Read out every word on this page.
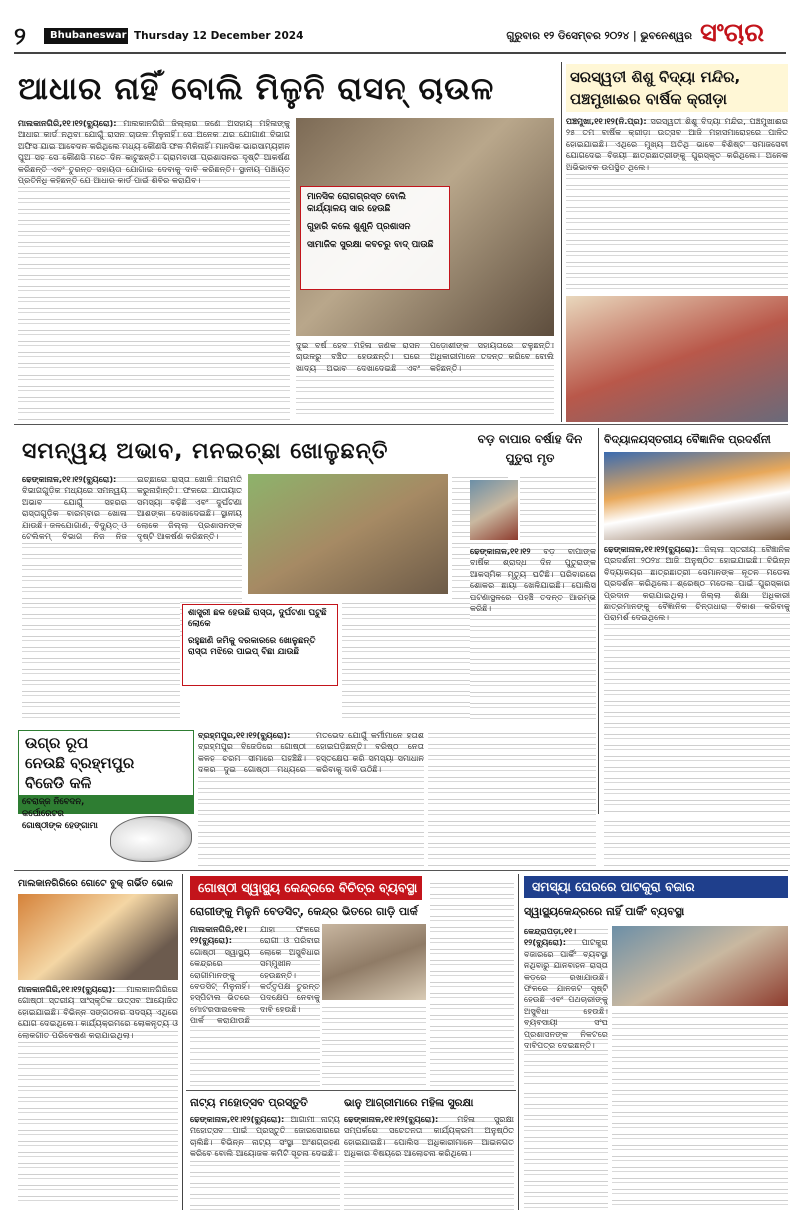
୨	Bhubaneswar Thursday 12 December 2024	ଗୁରୁବାର ୧୨ ଡିସେମ୍ବର ୨୦୨୪ | ଭୁବନେଶ୍ୱର ସଂଚାର
ଆଧାର ନାହିଁ ବୋଲି ମିଳୁନି ରାସନ୍ ଚାଉଳ
ମାଲକାନଗିରି,୧୧।୧୨(ବ୍ୟୁରୋ): ମାଲକାନଗିରି ଜିଲ୍ଲାର ଜଣେ ଅସହାୟ ମହିଳାଙ୍କୁ ଆଧାର କାର୍ଡ ନଥିବା ଯୋଗୁଁ ରାସନ ଚାଉଳ ମିଳୁନାହିଁ। ସେ ଅନେକ ଥର ଯୋଗାଣ ବିଭାଗ ଅଫିସ ଯାଇ ଆବେଦନ କରିଥିଲେ ମଧ୍ୟ କୌଣସି ଫଳ ମିଳିନାହିଁ। ମାନସିକ ଭାରସାମ୍ୟହୀନ ପୁଅ ସହ ସେ କୌଣସି ମତେ ଦିନ କାଟୁଛନ୍ତି। ଗ୍ରାମବାସୀ ପ୍ରଶାସନର ଦୃଷ୍ଟି ଆକର୍ଷଣ କରିଛନ୍ତି ଏବଂ ତୁରନ୍ତ ସହାୟତା ଯୋଗାଇ ଦେବାକୁ ଦାବି କରିଛନ୍ତି। ସ୍ଥାନୀୟ ପଞ୍ଚାୟତ ପ୍ରତିନିଧି କହିଛନ୍ତି ଯେ ଆଧାର କାର୍ଡ ପାଇଁ ଶିବିର କରାଯିବ।
ମାନସିକ ରୋଗଗ୍ରସ୍ତ ବୋଲି କାର୍ଯ୍ୟାଳୟ ସାର ହେଉଛି
ଗୁହାରି କଲେ ଶୁଣୁନି ପ୍ରଶାସନ
ସାମାଜିକ ସୁରକ୍ଷା କବଚରୁ ବାଦ୍ ପାଉଛି
ଦୁଇ ବର୍ଷ ହେବ ମହିଳା ଜଣକ ରାସନ ଚାଉଳରୁ ବଞ୍ଚିତ ହେଉଛନ୍ତି। ଘରେ ଖାଦ୍ୟ ଅଭାବ ଦେଖାଦେଇଛି ଏବଂ ପଡ଼ୋଶୀଙ୍କ ସହାୟତାରେ ଚଳୁଛନ୍ତି। ଅଧିକାରୀମାନେ ତଦନ୍ତ କରିବେ ବୋଲି କହିଛନ୍ତି।
ସରସ୍ୱତୀ ଶିଶୁ ବିଦ୍ୟା ମନ୍ଦିର, ପଞ୍ଚମୁଖାଈର ବାର୍ଷିକ କ୍ରୀଡ଼ା
ପଞ୍ଚମୁଖା,୧୧।୧୨(ନି.ପ୍ର): ସରସ୍ୱତୀ ଶିଶୁ ବିଦ୍ୟା ମନ୍ଦିର, ପଞ୍ଚମୁଖାଈର ୨୫ ତମ ବାର୍ଷିକ କ୍ରୀଡ଼ା ଉତ୍ସବ ଆଜି ମହାସମାରୋହରେ ପାଳିତ ହୋଇଯାଇଛି। ଏଥିରେ ମୁଖ୍ୟ ଅତିଥି ଭାବେ ବିଶିଷ୍ଟ ସମାଜସେବୀ ଯୋଗଦେଇ ବିଜୟୀ ଛାତ୍ରଛାତ୍ରୀଙ୍କୁ ପୁରସ୍କୃତ କରିଥିଲେ। ଅନେକ ଅଭିଭାବକ ଉପସ୍ଥିତ ଥିଲେ।
ସମନ୍ୱୟ ଅଭାବ, ମନଇଚ୍ଛା ଖୋଳୁଛନ୍ତି
ଢେଙ୍କାନାଳ,୧୧।୧୨(ବ୍ୟୁରୋ): ବିଭାଗଗୁଡ଼ିକ ମଧ୍ୟରେ ସମନ୍ୱୟ ଅଭାବ ଯୋଗୁଁ ସହରର ରାସ୍ତାଗୁଡ଼ିକ ବାରମ୍ବାର ଖୋଳା ଯାଉଛି। ଜଳଯୋଗାଣ, ବିଦ୍ୟୁତ୍ ଓ ଟେଲିକମ୍ ବିଭାଗ ନିଜ ନିଜ ଇଚ୍ଛାରେ ରାସ୍ତା ଖୋଳି ମରାମତି କରୁନାହାଁନ୍ତି। ଫଳରେ ଯାତାୟାତ ସମସ୍ୟା ବଢ଼ିଛି ଏବଂ ଦୁର୍ଘଟଣା ଆଶଙ୍କା ଦେଖାଦେଇଛି। ସ୍ଥାନୀୟ ଲୋକେ ଜିଲ୍ଲା ପ୍ରଶାସନଙ୍କ ଦୃଷ୍ଟି ଆକର୍ଷଣ କରିଛନ୍ତି।
ଶାସ୍ତ୍ରୀ ଛକ ହେଉଛି ରାସ୍ତା, ଦୁର୍ଘଟଣା ଘଟୁଛି ଲୋକେ
ରହୁଛାଣି ଜମିକୁ ଦରକାରରେ ଖୋଳୁଛନ୍ତି ରାସ୍ତା ମଝିରେ ପାଇପ୍ ବିଛା ଯାଉଛି
ବଡ଼ ବାପାର ବର୍ଷାହ ଦିନ ପୁତୁରା ମୃତ
ଢେଙ୍କାନାଳ,୧୧।୧୨ ବଡ଼ ବାପାଙ୍କ ବାର୍ଷିକ ଶ୍ରାଦ୍ଧ ଦିନ ପୁତୁରାଙ୍କ ଆକସ୍ମିକ ମୃତ୍ୟୁ ଘଟିଛି। ପରିବାରରେ ଶୋକର ଛାୟା ଖେଳିଯାଇଛି। ପୋଲିସ ଘଟଣାସ୍ଥଳରେ ପହଞ୍ଚି ତଦନ୍ତ ଆରମ୍ଭ କରିଛି।
ବିଦ୍ୟାଳୟସ୍ତରୀୟ ବୈଜ୍ଞାନିକ ପ୍ରଦର୍ଶନୀ
ଢେଙ୍କାନାଳ,୧୧।୧୨(ବ୍ୟୁରୋ): ଜିଲ୍ଲା ସ୍ତରୀୟ ବୈଜ୍ଞାନିକ ପ୍ରଦର୍ଶନୀ ୨୦୨୪ ଆଜି ଅନୁଷ୍ଠିତ ହୋଇଯାଇଛି। ବିଭିନ୍ନ ବିଦ୍ୟାଳୟର ଛାତ୍ରଛାତ୍ରୀ ସେମାନଙ୍କ ନୂତନ ମଡେଲ ପ୍ରଦର୍ଶନ କରିଥିଲେ। ଶ୍ରେଷ୍ଠ ମଡେଲ ପାଇଁ ପୁରସ୍କାର ପ୍ରଦାନ କରାଯାଇଥିଲା। ଜିଲ୍ଲା ଶିକ୍ଷା ଅଧିକାରୀ ଛାତ୍ରମାନଙ୍କୁ ବୈଜ୍ଞାନିକ ଚିନ୍ତାଧାରା ବିକାଶ କରିବାକୁ ପରାମର୍ଶ ଦେଇଥିଲେ।
ଉଗ୍ର ରୂପ
ନେଉଛି ବ୍ରହ୍ମପୁର
ବିଜେଡି କଳି
ବେରାଜ୍ଜ ନିବେଦନ,
କର୍ପୋରେଟର
ଗୋଷ୍ଠୀଙ୍କ ହେଙ୍ଗାମା
ବ୍ରହ୍ମପୁର,୧୧।୧୨(ବ୍ୟୁରୋ): ବ୍ରହ୍ମପୁର ବିଜେଡିରେ ଗୋଷ୍ଠୀ କଳହ ଚରମ ସୀମାରେ ପହଞ୍ଚିଛି। ଦଳର ଦୁଇ ଗୋଷ୍ଠୀ ମଧ୍ୟରେ ମତଭେଦ ଯୋଗୁଁ କର୍ମୀମାନେ ହତାଶ ହୋଇପଡ଼ିଛନ୍ତି। ବରିଷ୍ଠ ନେତା ହସ୍ତକ୍ଷେପ କରି ସମସ୍ୟା ସମାଧାନ କରିବାକୁ ଦାବି ଉଠିଛି।
ମାଲକାନଗିରିରେ ଗୋଟେ ବୁକ୍ ଗର୍ଭିତ ଭୋଳ
ମାଳକାନଗିରି,୧୧।୧୨(ବ୍ୟୁରୋ): ମାଲକାନଗିରିରେ ଗୋଷ୍ଠୀ ସ୍ତରୀୟ ସାଂସ୍କୃତିକ ଉତ୍ସବ ଆୟୋଜିତ ହୋଇଯାଇଛି। ବିଭିନ୍ନ ସଙ୍ଗଠନର ସଦସ୍ୟ ଏଥିରେ ଯୋଗ ଦେଇଥିଲେ। କାର୍ଯ୍ୟକ୍ରମରେ ଲୋକନୃତ୍ୟ ଓ ଲୋକଗୀତ ପରିବେଷଣ କରାଯାଇଥିଲା।
ଗୋଷ୍ଠୀ ସ୍ୱାସ୍ଥ୍ୟ କେନ୍ଦ୍ରରେ ବିଚିତ୍ର ବ୍ୟବସ୍ଥା
ରୋଗୀଙ୍କୁ ମିଳୁନି ବେଡସିଟ୍, କେନ୍ଦ୍ର ଭିତରେ ଗାଡ଼ି ପାର୍କ
ମାଲକାନଗିରି,୧୧।୧୨(ବ୍ୟୁରୋ): ଗୋଷ୍ଠୀ ସ୍ୱାସ୍ଥ୍ୟ କେନ୍ଦ୍ରରେ ରୋଗୀମାନଙ୍କୁ ବେଡସିଟ୍ ମିଳୁନାହିଁ। ହସ୍ପିଟାଲ ଭିତରେ ମୋଟରସାଇକେଲ ପାର୍କ କରାଯାଉଛି ଯାହା ଫଳରେ ରୋଗୀ ଓ ପରିବାର ଲୋକେ ଅସୁବିଧାର ସମ୍ମୁଖୀନ ହେଉଛନ୍ତି। କର୍ତ୍ତୃପକ୍ଷ ତୁରନ୍ତ ପଦକ୍ଷେପ ନେବାକୁ ଦାବି ହେଉଛି।
ସମସ୍ୟା ଘେରରେ ପାଟକୁରା ବଜାର
ସ୍ୱାସ୍ଥ୍ୟକେନ୍ଦ୍ରରେ ନାହିଁ ପାର୍କିଂ ବ୍ୟବସ୍ଥା
କେନ୍ଦ୍ରାପଡ଼ା,୧୧।୧୨(ବ୍ୟୁରୋ): ପାଟକୁରା ବଜାରରେ ପାର୍କିଂ ବ୍ୟବସ୍ଥା ନଥିବାରୁ ଯାନବାହନ ରାସ୍ତା କଡ଼ରେ ରଖାଯାଉଛି। ଫଳରେ ଯାନଜଟ ସୃଷ୍ଟି ହେଉଛି ଏବଂ ପଥଚାରୀଙ୍କୁ ଅସୁବିଧା ହେଉଛି। ବ୍ୟବସାୟୀ ସଂଘ ପ୍ରଶାସନଙ୍କ ନିକଟରେ ଦାବିପତ୍ର ଦେଇଛନ୍ତି।
ନାଟ୍ୟ ମହୋତ୍ସବ ପ୍ରସ୍ତୁତି
ଢେଙ୍କାନାଳ,୧୧।୧୨(ବ୍ୟୁରୋ): ଆଗାମୀ ନାଟ୍ୟ ମହୋତ୍ସବ ପାଇଁ ପ୍ରସ୍ତୁତି ଜୋରସୋରରେ ଚାଲିଛି। ବିଭିନ୍ନ ନାଟ୍ୟ ସଂସ୍ଥା ଅଂଶଗ୍ରହଣ କରିବେ ବୋଲି ଆୟୋଜକ କମିଟି ସୂଚନା ଦେଇଛି।
ଭାନୁ ଆଗ୍ରୀମାରେ ମହିଳା ସୁରକ୍ଷା
ଢେଙ୍କାନାଳ,୧୧।୧୨(ବ୍ୟୁରୋ): ମହିଳା ସୁରକ୍ଷା ସମ୍ପର୍କରେ ସଚେତନତା କାର୍ଯ୍ୟକ୍ରମ ଅନୁଷ୍ଠିତ ହୋଇଯାଇଛି। ପୋଲିସ ଅଧିକାରୀମାନେ ଆଇନଗତ ଅଧିକାର ବିଷୟରେ ଆଲୋଚନା କରିଥିଲେ।
